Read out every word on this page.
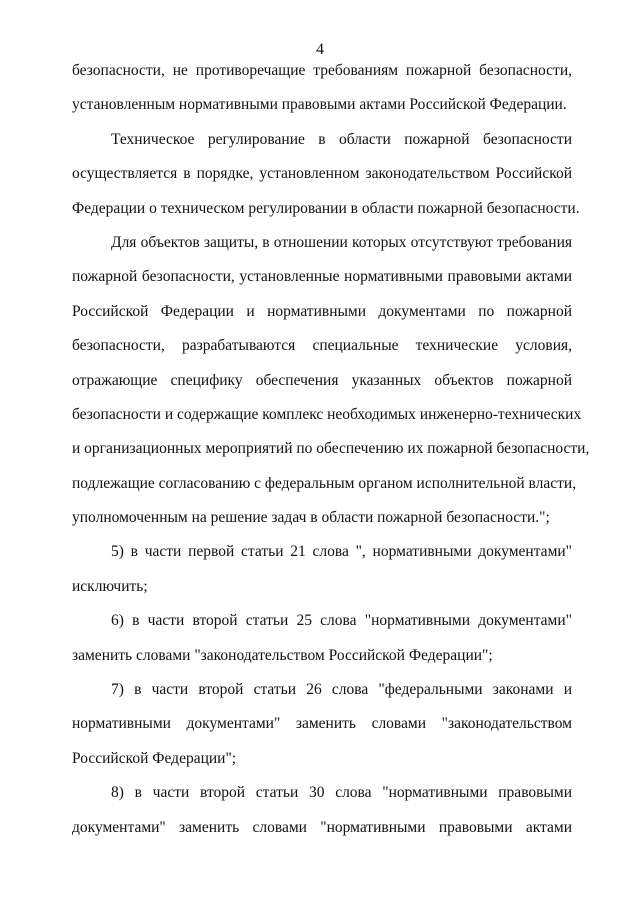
4
безопасности, не противоречащие требованиям пожарной безопасности,
установленным нормативными правовыми актами Российской Федерации.
Техническое регулирование в области пожарной безопасности
осуществляется в порядке, установленном законодательством Российской
Федерации о техническом регулировании в области пожарной безопасности.
Для объектов защиты, в отношении которых отсутствуют требования
пожарной безопасности, установленные нормативными правовыми актами
Российской Федерации и нормативными документами по пожарной
безопасности, разрабатываются специальные технические условия,
отражающие специфику обеспечения указанных объектов пожарной
безопасности и содержащие комплекс необходимых инженерно-технических
и организационных мероприятий по обеспечению их пожарной безопасности,
подлежащие согласованию с федеральным органом исполнительной власти,
уполномоченным на решение задач в области пожарной безопасности.";
5) в части первой статьи 21 слова ", нормативными документами"
исключить;
6) в части второй статьи 25 слова "нормативными документами"
заменить словами "законодательством Российской Федерации";
7) в части второй статьи 26 слова "федеральными законами и
нормативными документами" заменить словами "законодательством
Российской Федерации";
8) в части второй статьи 30 слова "нормативными правовыми
документами" заменить словами "нормативными правовыми актами
